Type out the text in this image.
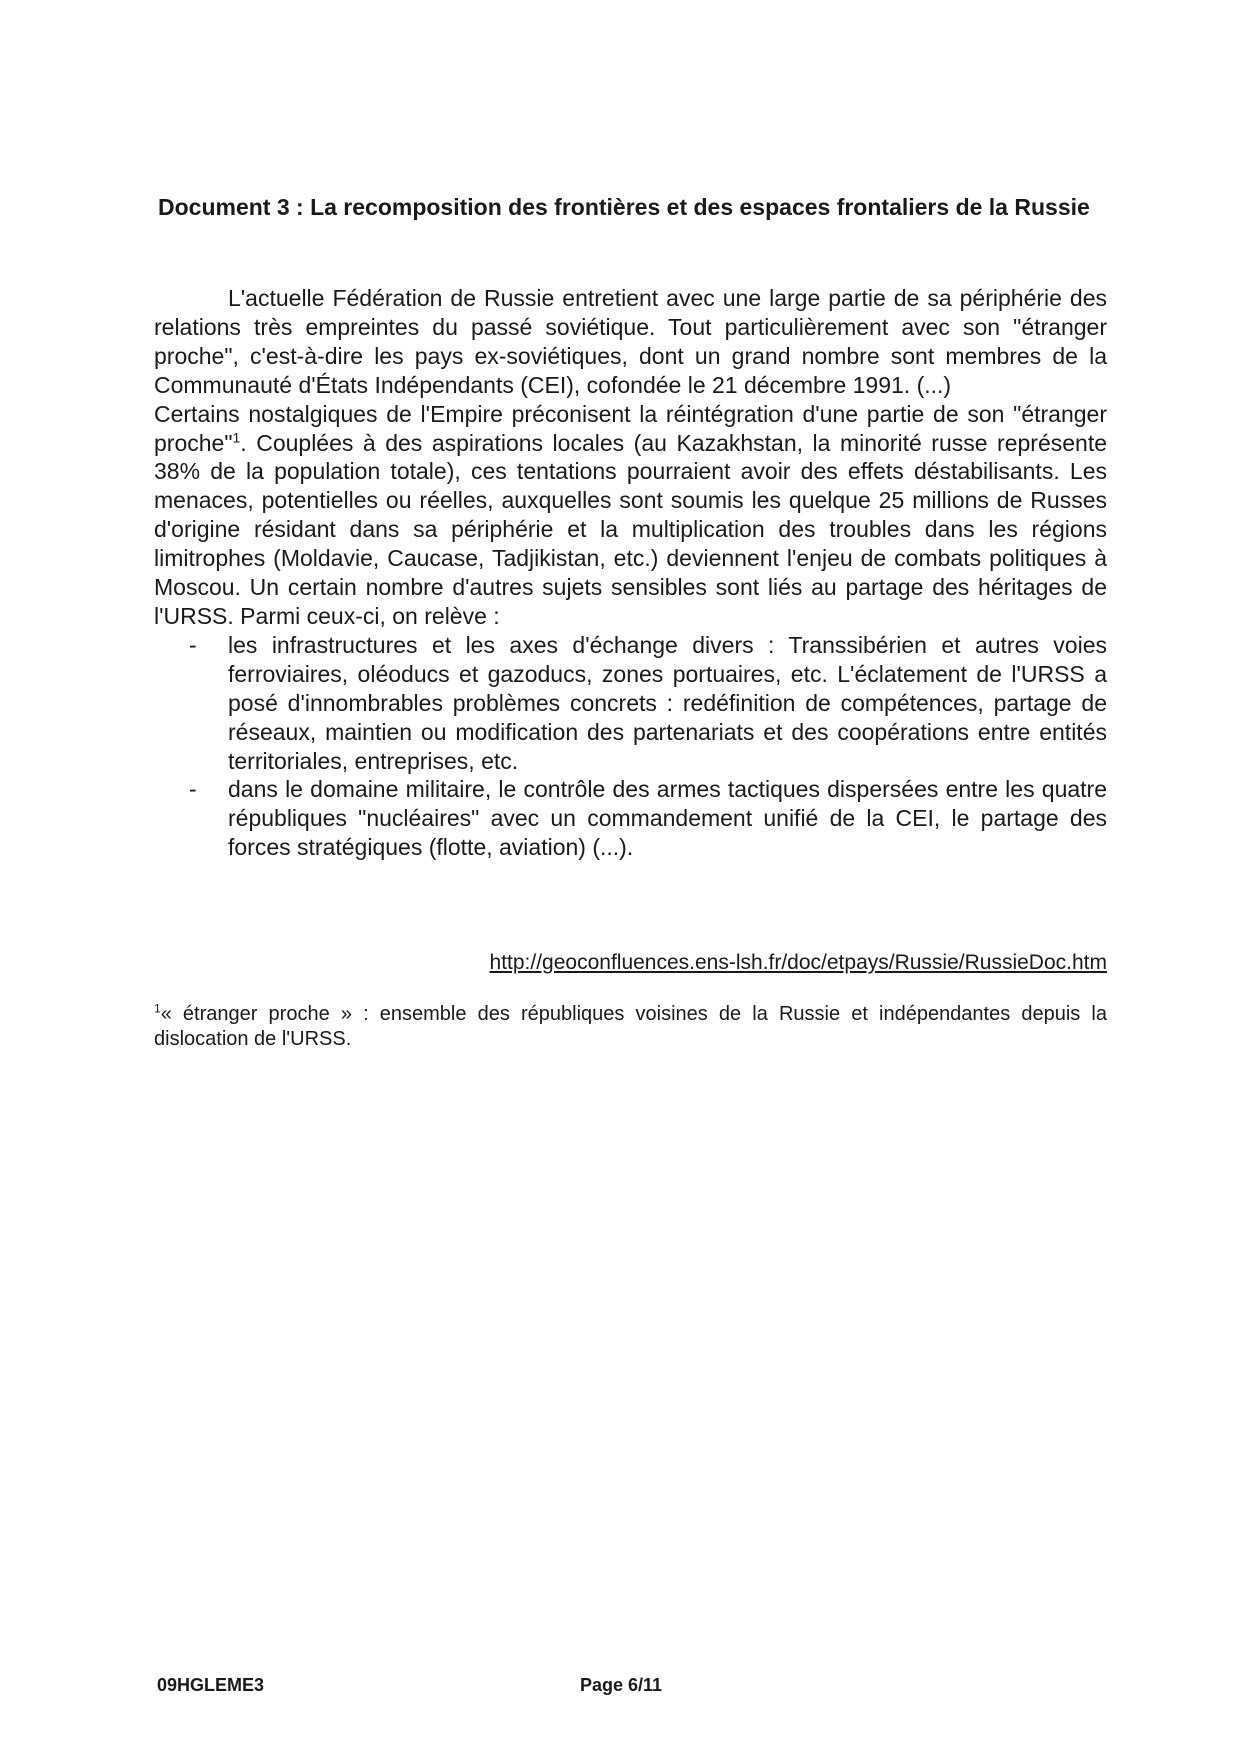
Document 3 : La recomposition des frontières et des espaces frontaliers de la Russie

L'actuelle Fédération de Russie entretient avec une large partie de sa périphérie des relations très empreintes du passé soviétique. Tout particulièrement avec son "étranger proche", c'est-à-dire les pays ex-soviétiques, dont un grand nombre sont membres de la Communauté d'États Indépendants (CEI), cofondée le 21 décembre 1991. (...)

Certains nostalgiques de l'Empire préconisent la réintégration d'une partie de son "étranger proche"$^1$. Couplées à des aspirations locales (au Kazakhstan, la minorité russe représente 38% de la population totale), ces tentations pourraient avoir des effets déstabilisants. Les menaces, potentielles ou réelles, auxquelles sont soumis les quelque 25 millions de Russes d'origine résidant dans sa périphérie et la multiplication des troubles dans les régions limitrophes (Moldavie, Caucase, Tadjikistan, etc.) deviennent l'enjeu de combats politiques à Moscou. Un certain nombre d'autres sujets sensibles sont liés au partage des héritages de l'URSS. Parmi ceux-ci, on relève :

- les infrastructures et les axes d'échange divers : Transsibérien et autres voies ferroviaires, oléoducs et gazoducs, zones portuaires, etc. L'éclatement de l'URSS a posé d'innombrables problèmes concrets : redéfinition de compétences, partage de réseaux, maintien ou modification des partenariats et des coopérations entre entités territoriales, entreprises, etc.
- dans le domaine militaire, le contrôle des armes tactiques dispersées entre les quatre républiques "nucléaires" avec un commandement unifié de la CEI, le partage des forces stratégiques (flotte, aviation) (...).
http://geoconfluences.ens-lsh.fr/doc/etpays/Russie/RussieDoc.htm
$^1$« étranger proche » : ensemble des républiques voisines de la Russie et indépendantes depuis la dislocation de l'URSS.
09HGLEME3	Page 6/11
